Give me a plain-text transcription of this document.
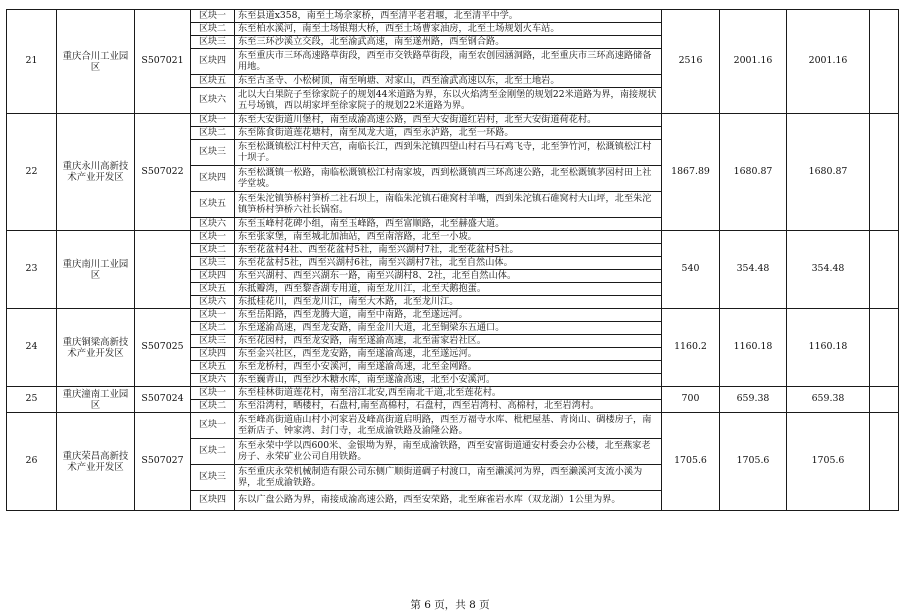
21	重庆合川工业园区	S507021	区块一	东至县道x358，南至土场佘家桥，西至清平老君堰，北至清平中学。	2516	2001.16	2001.16	
			区块二	东至柏水溪河，南至土场银翔大桥，西至土场曹家油房，北至土场规划火车站。				
			区块三	东至三环沙溪立交段，北至渝武高速，南至遂州路，西至钢合路。				
			区块四	东至重庆市三环高速路草街段，西至市交铁路草街段，南至农创园涵洞路，北至重庆市三环高速路储备用地。				
			区块五	东至古圣寺、小松树顶，南至响塘、对家山，西至渝武高速以东，北至土地岩。				
			区块六	北以大白果院子至徐家院子的规划44米道路为界，东以火焰湾至金刚堡的规划22米道路为界，南接规状五号场镇，西以胡家坪至徐家院子的规划22米道路为界。				
22	重庆永川高新技术产业开发区	S507022	区块一	东至大安街道川堡村，南至成渝高速公路，西至大安街道红岩村，北至大安街道荷花村。	1867.89	1680.87	1680.87	
			区块二	东至陈食街道莲花塘村，南至凤龙大道，西至永泸路，北至一环路。				
			区块三	东至松溉镇松江村仲天宫，南临长江，西到朱沱镇四望山村石马石鸡飞寺，北至笋竹河，松溉镇松江村十坝子。				
			区块四	东至松溉镇一松路，南临松溉镇松江村南家坡，西到松溉镇西三环高速公路，北至松溉镇茅园村田上社学堂坡。				
			区块五	东至朱沱镇笋桥村笋桥二社石坝上，南临朱沱镇石碓窝村羊嘴，西到朱沱镇石碓窝村大山坪，北至朱沱镇笋桥村笋桥六社长锅窑。				
			区块六	东至玉峰村花碑小组，南至玉峰路，西至富顺路，北至赫盛大道。				
23	重庆南川工业园区		区块一	东至张家堡，南至城北加油站，西至南溶路，北至一小坡。	540	354.48	354.48	
			区块二	东至花盆村4社、西至花盆村5社，南至兴湖村7社，北至花盆村5社。				
			区块三	东至花盆村5社，西至兴湖村6社，南至兴湖村7社，北至自然山体。				
			区块四	东至兴湖村、西至兴湖东一路，南至兴湖村8、2社，北至自然山体。				
			区块五	东抵瓣湾，西至黎香湖专用道，南至龙川江，北至天鹅抱蛋。				
			区块六	东抵桂花川，西至龙川江，南至大木路，北至龙川江。				
24	重庆铜梁高新技术产业开发区	S507025	区块一	东至岳阳路，西至龙腾大道，南至中南路，北至遂远河。	1160.2	1160.18	1160.18	
			区块二	东至遂渝高速，西至龙安路，南至金川大道，北至铜梁东五通口。				
			区块三	东至花园村，西至龙安路，南至遂渝高速，北至雷家岩社区。				
			区块四	东至金兴社区，西至龙安路，南至遂渝高速，北至遂远河。				
			区块五	东至龙桥村，西至小安溪河，南至遂渝高速，北至金网路。				
			区块六	东至巍青山，西至沙木糖水库，南至遂渝高速，北至小安溪河。				
25	重庆潼南工业园区	S507024	区块一	东至桂林街道莲花村，南至涪江北安,西至南北干道,北至莲花村。	700	659.38	659.38	
			区块二	东至沿湾村，晒楼村，石盘村,南至高棉村，石盘村，西至岩湾村、高棉村，北至岩湾村。				
26	重庆荣昌高新技术产业开发区	S507027	区块一	东至峰高街道庙山村小河家岩及峰高街道启明路，西至万福寺水库、枇杷屋基、青岗山、碉楼房子，南至新店子、钟家湾、封门寺，北至成渝铁路及渝隆公路。	1705.6	1705.6	1705.6	
			区块二	东至永荣中学以西600米、金银坳为界，南至成渝铁路，西至安富街道通安村委会办公楼，北至燕家老房子、永荣矿业公司自用铁路。				
			区块三	东至重庆永荣机械制造有限公司东侧广顺街道碉子村渡口，南至濑溪河为界，西至濑溪河支流小溪为界，北至成渝铁路。				
			区块四	东以广盘公路为界，南接成渝高速公路，西至安荣路，北至麻雀岩水库（双龙湖）1公里为界。				
第 6 页，共 8 页
